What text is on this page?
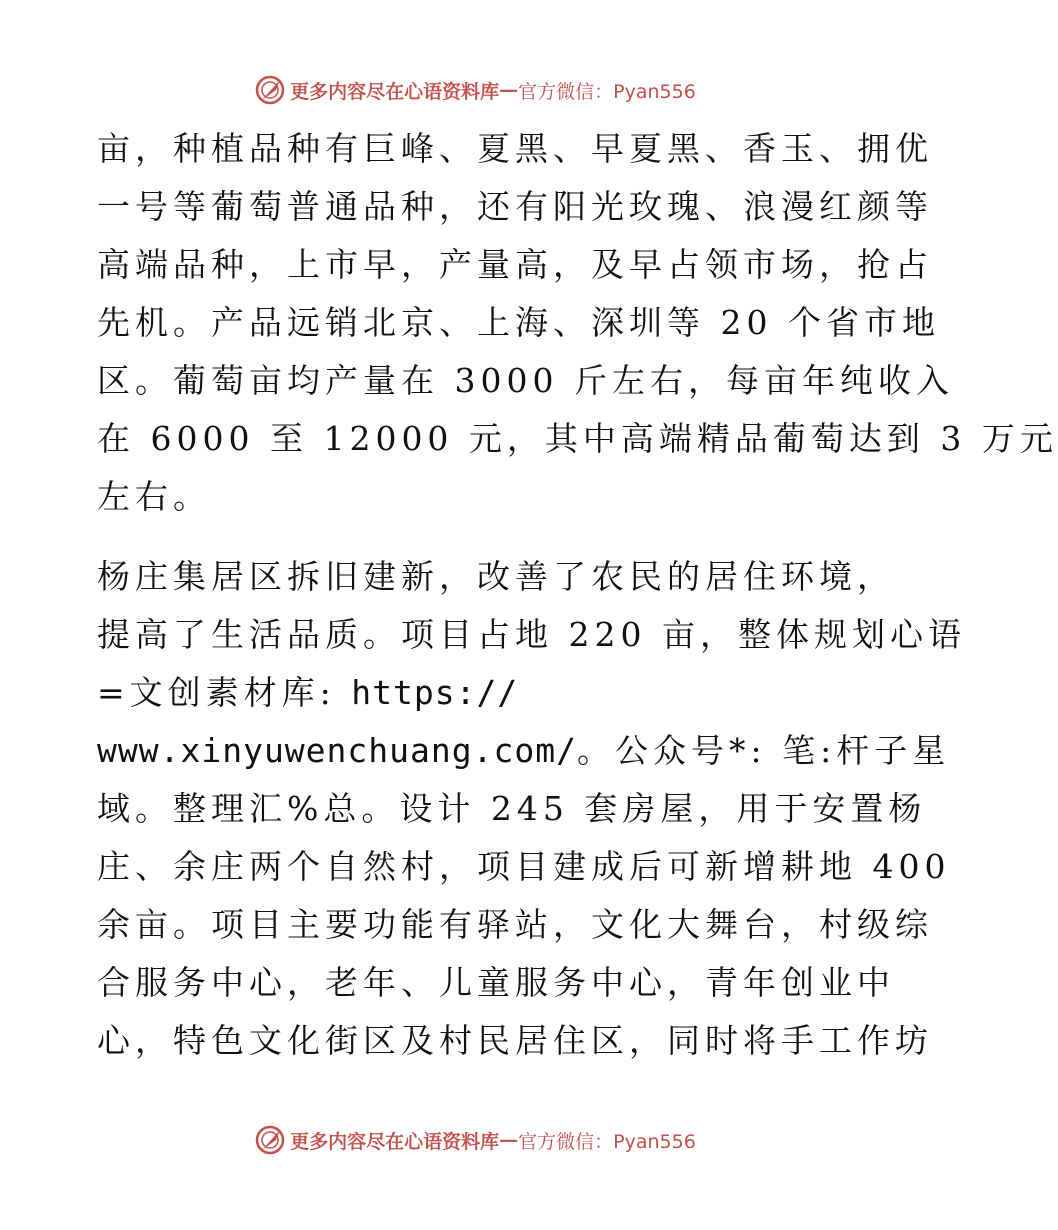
更多内容尽在心语资料库 — 官方微信：Pyan556
亩，种植品种有巨峰、夏黑、早夏黑、香玉、拥优
一号等葡萄普通品种，还有阳光玫瑰、浪漫红颜等
高端品种，上市早，产量高，及早占领市场，抢占
先机。产品远销北京、上海、深圳等 20 个省市地
区。葡萄亩均产量在 3000 斤左右，每亩年纯收入
在 6000 至 12000 元，其中高端精品葡萄达到 3 万元
左右。
杨庄集居区拆旧建新，改善了农民的居住环境，
提高了生活品质。项目占地 220 亩，整体规划心语
=文创素材库: https://
www.xinyuwenchuang.com/。公众号*: 笔:杆子星
域。整理汇%总。设计 245 套房屋，用于安置杨
庄、余庄两个自然村，项目建成后可新增耕地 400
余亩。项目主要功能有驿站，文化大舞台，村级综
合服务中心，老年、儿童服务中心，青年创业中
心，特色文化街区及村民居住区，同时将手工作坊
更多内容尽在心语资料库 — 官方微信：Pyan556
